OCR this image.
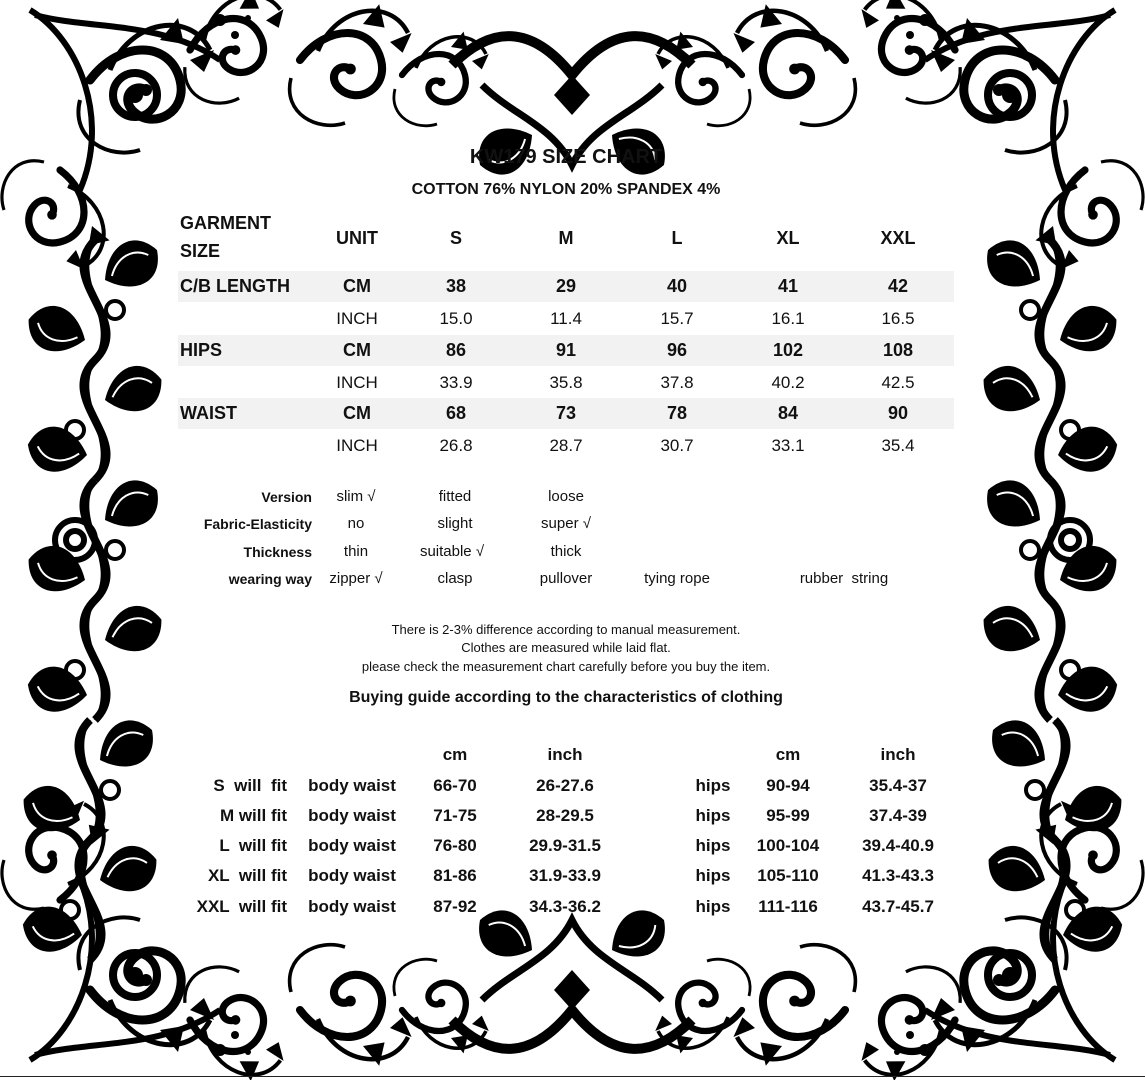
KW179 SIZE CHART
COTTON 76% NYLON 20% SPANDEX 4%
GARMENT
SIZE
UNIT	S	M	L	XL	XXL
C/B LENGTH	CM	38	29	40	41	42
INCH	15.0	11.4	15.7	16.1	16.5
HIPS	CM	86	91	96	102	108
INCH	33.9	35.8	37.8	40.2	42.5
WAIST	CM	68	73	78	84	90
INCH	26.8	28.7	30.7	33.1	35.4
Version slim √	fitted	loose
Fabric-Elasticity no	slight	super √
Thickness thin	suitable √	thick
wearing way zipper √	clasp	pullover	tying rope	rubber  string
There is 2-3% difference according to manual measurement.
Clothes are measured while laid flat.
please check the measurement chart carefully before you buy the item.
Buying guide according to the characteristics of clothing
cm	inch	cm	inch
S  will  fit body waist 66-70	26-27.6	hips 90-94	35.4-37
M will fit body waist 71-75	28-29.5	hips 95-99	37.4-39
L  will fit body waist 76-80	29.9-31.5	hips 100-104	39.4-40.9
XL  will fit body waist 81-86	31.9-33.9	hips 105-110	41.3-43.3
XXL  will fit body waist 87-92	34.3-36.2	hips 111-116	43.7-45.7
